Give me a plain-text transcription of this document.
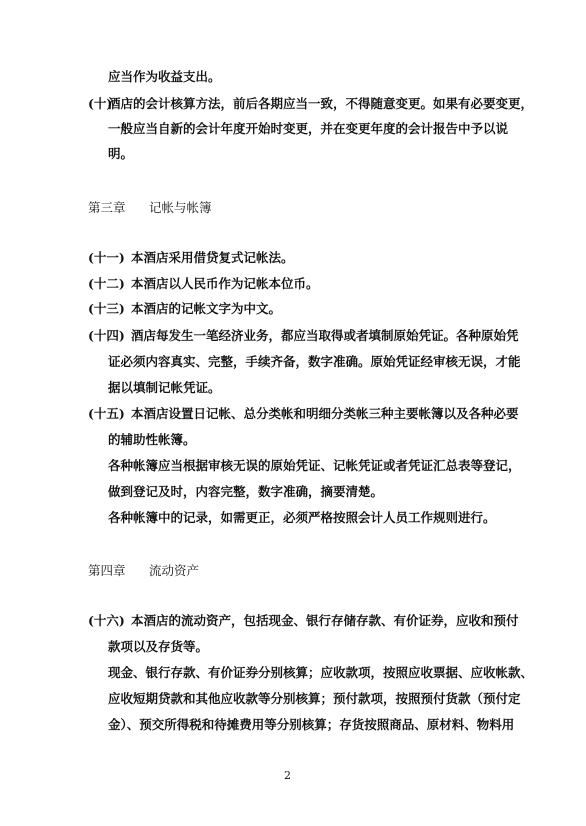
应当作为收益支出。
(十)
酒店的会计核算方法，前后各期应当一致，不得随意变更。如果有必要变更，
一般应当自新的会计年度开始时变更，并在变更年度的会计报告中予以说
明。
第三章 记帐与帐簿
(十一) 本酒店采用借贷复式记帐法。
(十二) 本酒店以人民币作为记帐本位币。
(十三) 本酒店的记帐文字为中文。
(十四) 酒店每发生一笔经济业务，都应当取得或者填制原始凭证。各种原始凭
证必须内容真实、完整，手续齐备，数字准确。原始凭证经审核无误，才能
据以填制记帐凭证。
(十五) 本酒店设置日记帐、总分类帐和明细分类帐三种主要帐簿以及各种必要
的辅助性帐簿。
各种帐簿应当根据审核无误的原始凭证、记帐凭证或者凭证汇总表等登记，
做到登记及时，内容完整，数字准确，摘要清楚。
各种帐簿中的记录，如需更正，必须严格按照会计人员工作规则进行。
第四章 流动资产
(十六) 本酒店的流动资产，包括现金、银行存储存款、有价证券，应收和预付
款项以及存货等。
现金、银行存款、有价证券分别核算；应收款项，按照应收票据、应收帐款、
应收短期贷款和其他应收款等分别核算；预付款项，按照预付货款（预付定
金）、预交所得税和待摊费用等分别核算；存货按照商品、原材料、物料用
2
